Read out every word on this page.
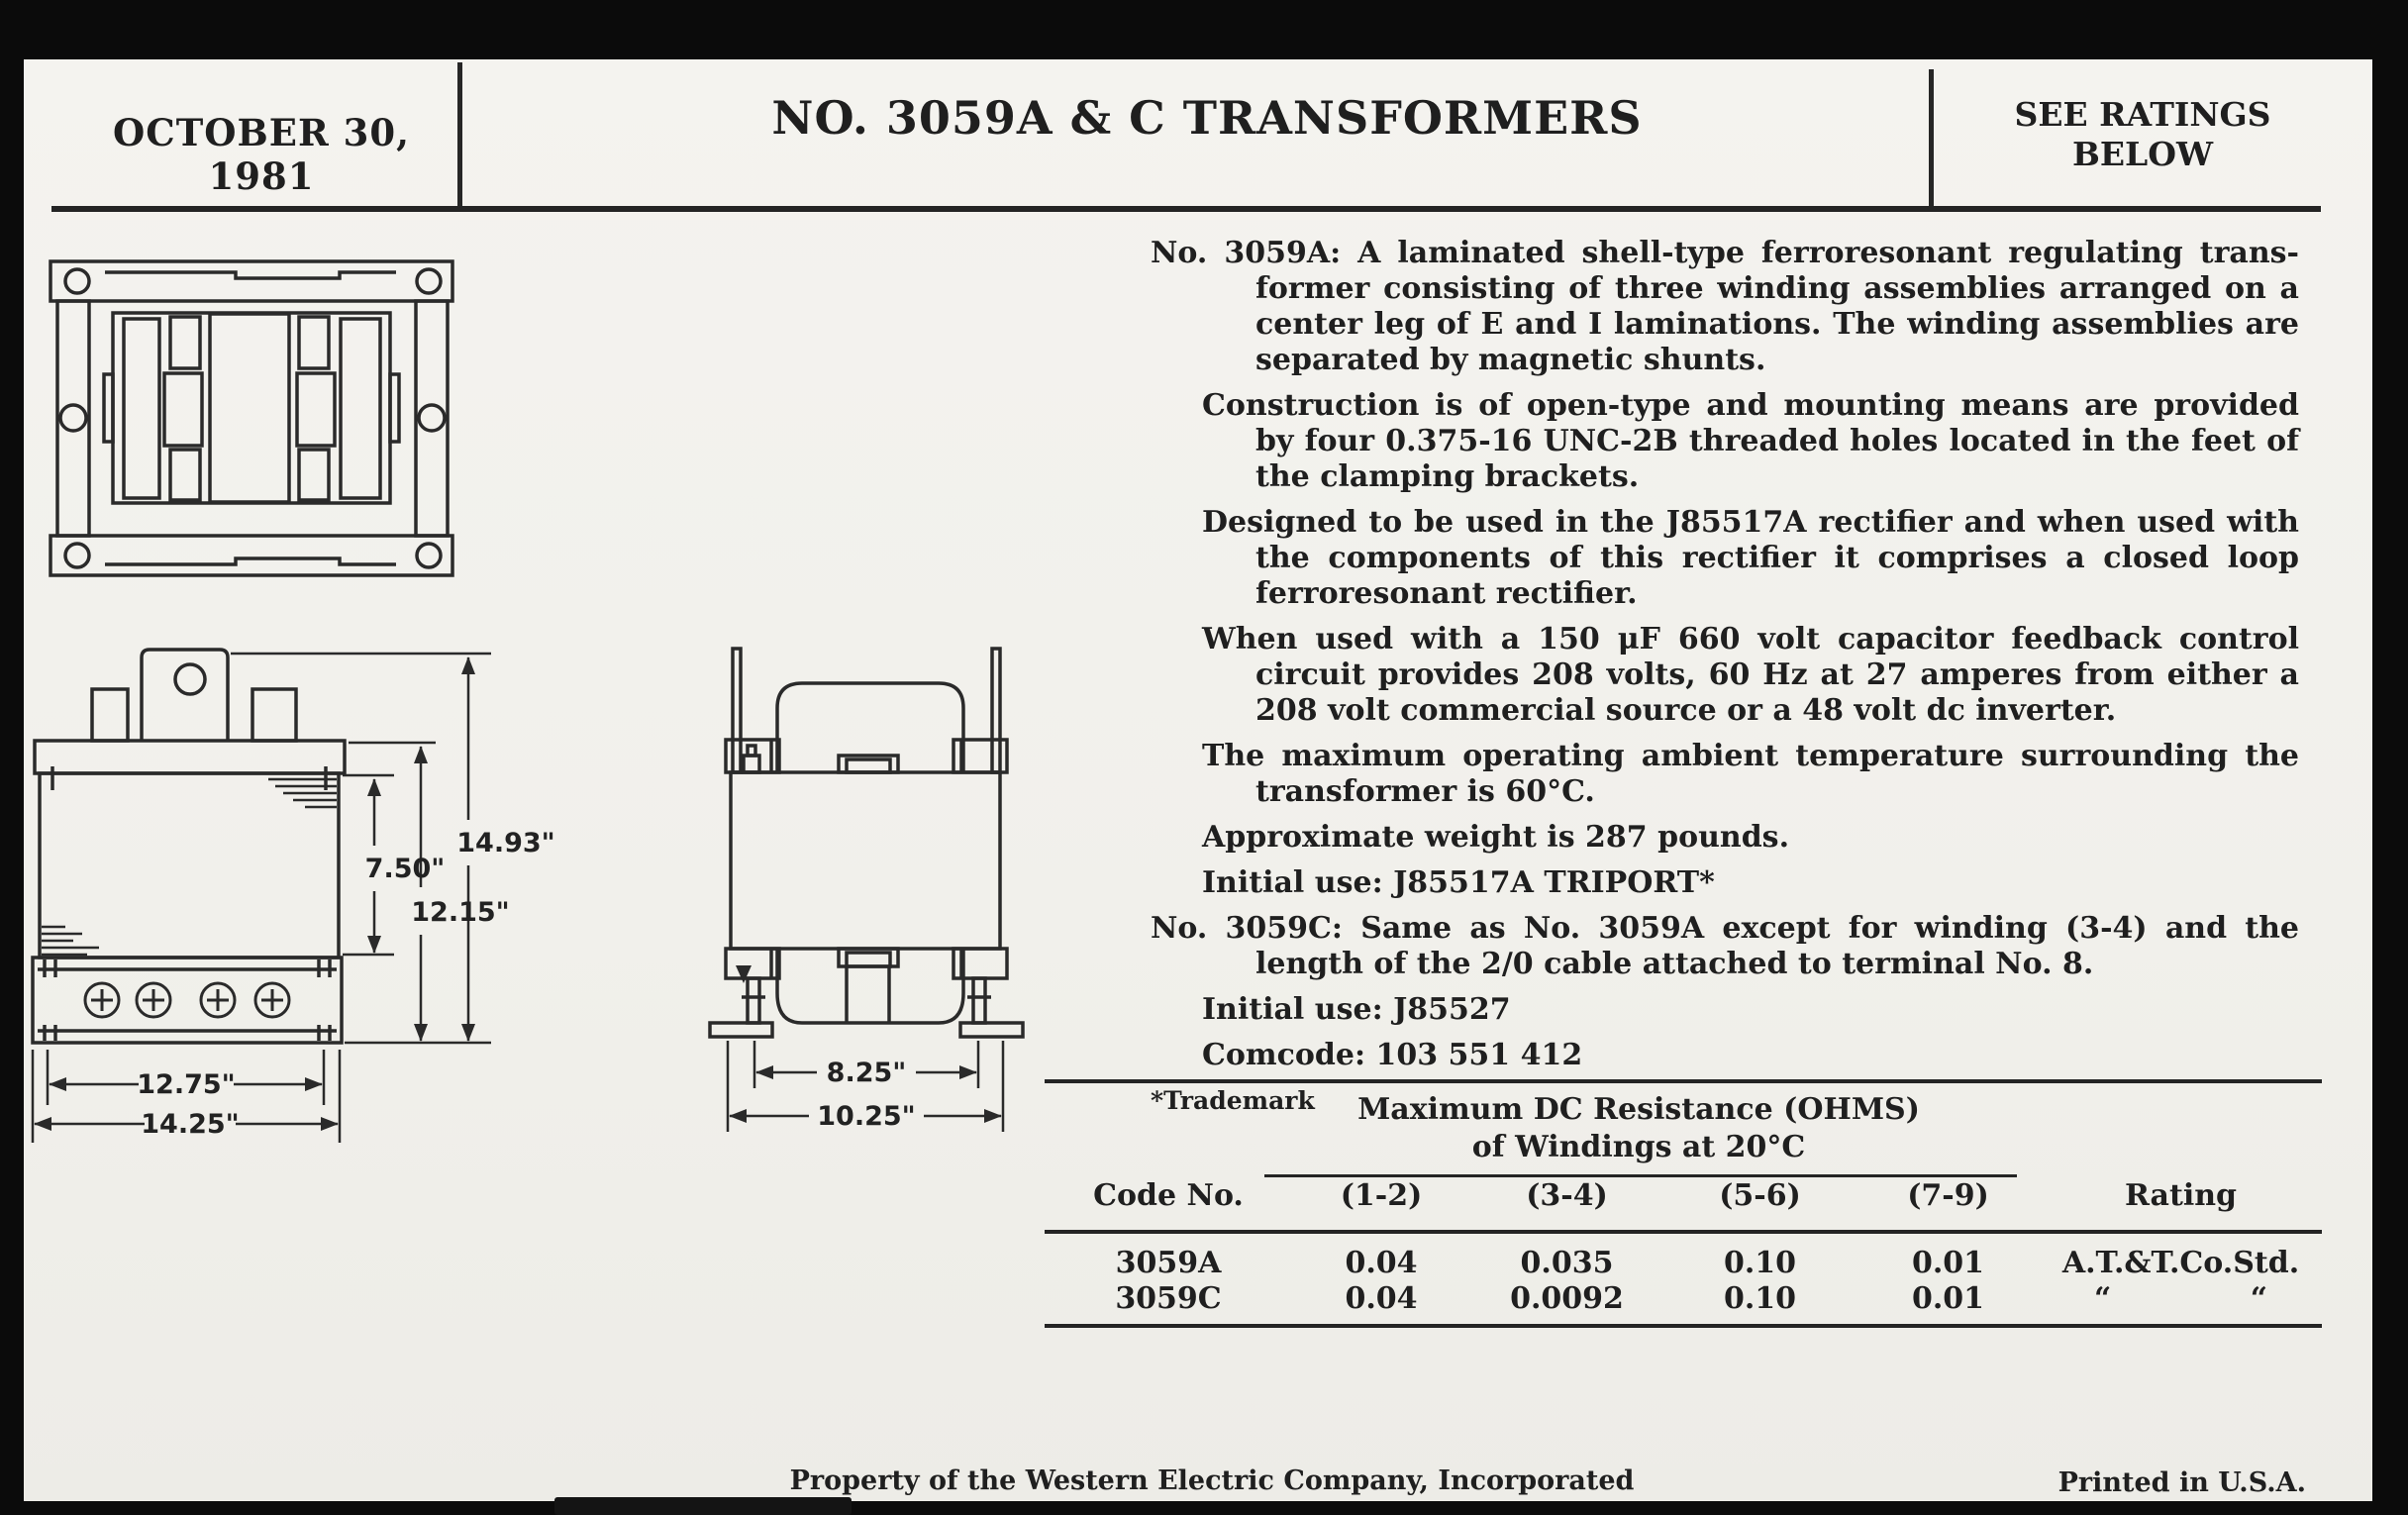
OCTOBER 30, 1981
NO. 3059A & C TRANSFORMERS	SEE RATINGS
BELOW
7.50"
12.15"
14.93"
12.75"
14.25"
8.25"
10.25"

No. 3059A: A laminated shell-type ferroresonant regulating trans- former consisting of three winding assemblies arranged on a center leg of E and I laminations. The winding assemblies are separated by magnetic shunts.

Construction is of open-type and mounting means are provided by four 0.375-16 UNC-2B threaded holes located in the feet of the clamping brackets.

Designed to be used in the J85517A rectifier and when used with the components of this rectifier it comprises a closed loop ferroresonant rectifier.

When used with a 150 μF 660 volt capacitor feedback control circuit provides 208 volts, 60 Hz at 27 amperes from either a 208 volt commercial source or a 48 volt dc inverter.

The maximum operating ambient temperature surrounding the transformer is 60°C.

Approximate weight is 287 pounds.

Initial use: J85517A TRIPORT*

No. 3059C: Same as No. 3059A except for winding (3-4) and the length of the 2/0 cable attached to terminal No. 8.

Initial use: J85527

Comcode: 103 551 412

*Trademark	Maximum DC Resistance (OHMS)
of Windings at 20°C
Code No.	(1-2)	(3-4)	(5-6)	(7-9)	Rating
3059A	0.04	0.035	0.10	0.01	A.T.&T.Co.Std.
3059C	0.04	0.0092	0.10	0.01	“	“
Property of the Western Electric Company, Incorporated	Printed in U.S.A.
